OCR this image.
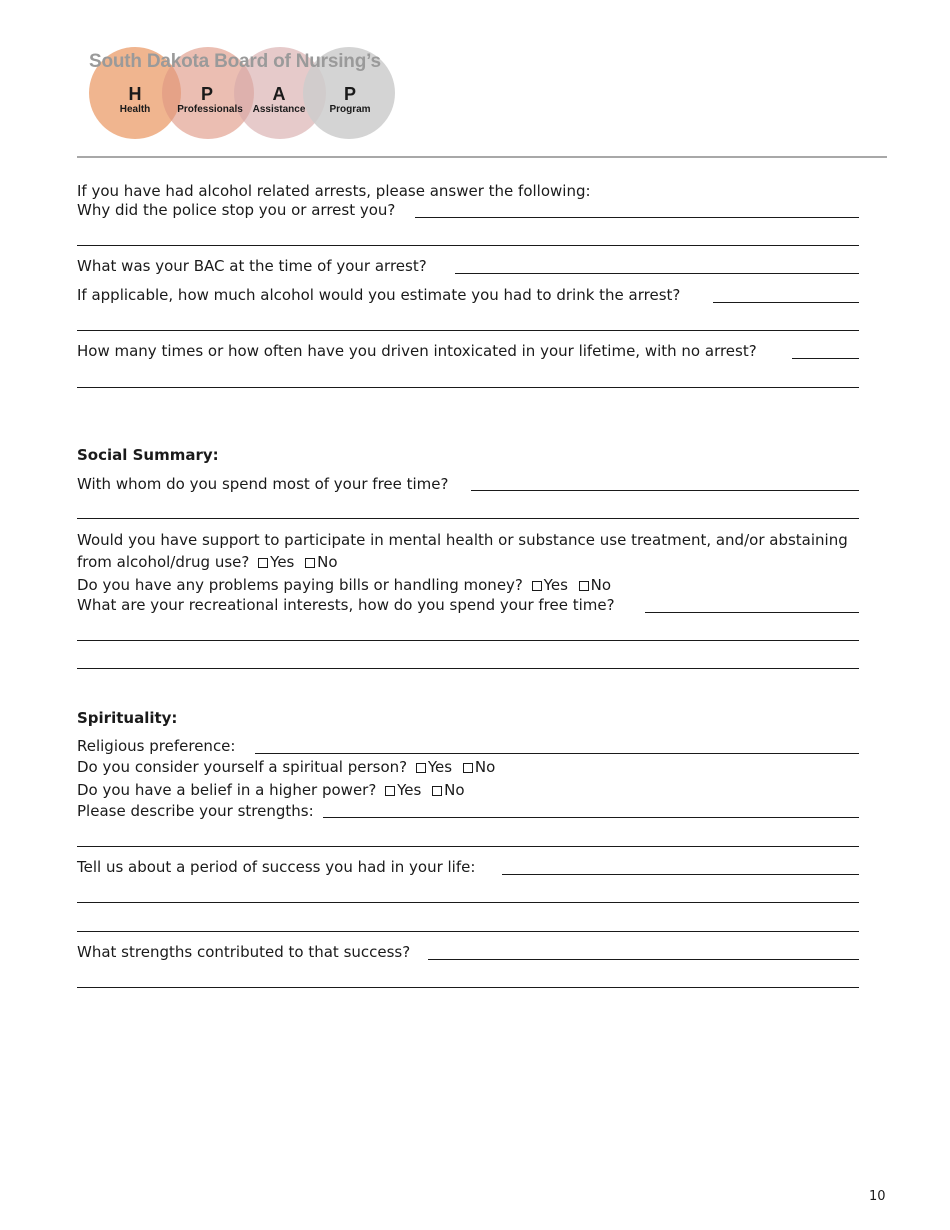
South Dakota Board of Nursing’s
H
Health
P
Professionals
A
Assistance
P
Program
If you have had alcohol related arrests, please answer the following:
Why did the police stop you or arrest you?
What was your BAC at the time of your arrest?
If applicable, how much alcohol would you estimate you had to drink the arrest?
How many times or how often have you driven intoxicated in your lifetime, with no arrest?
Social Summary:
With whom do you spend most of your free time?
Would you have support to participate in mental health or substance use treatment, and/or abstaining
from alcohol/drug use? Yes No
Do you have any problems paying bills or handling money? Yes No
What are your recreational interests, how do you spend your free time?
Spirituality:
Religious preference:
Do you consider yourself a spiritual person? Yes No
Do you have a belief in a higher power? Yes No
Please describe your strengths:
Tell us about a period of success you had in your life:
What strengths contributed to that success?
10
